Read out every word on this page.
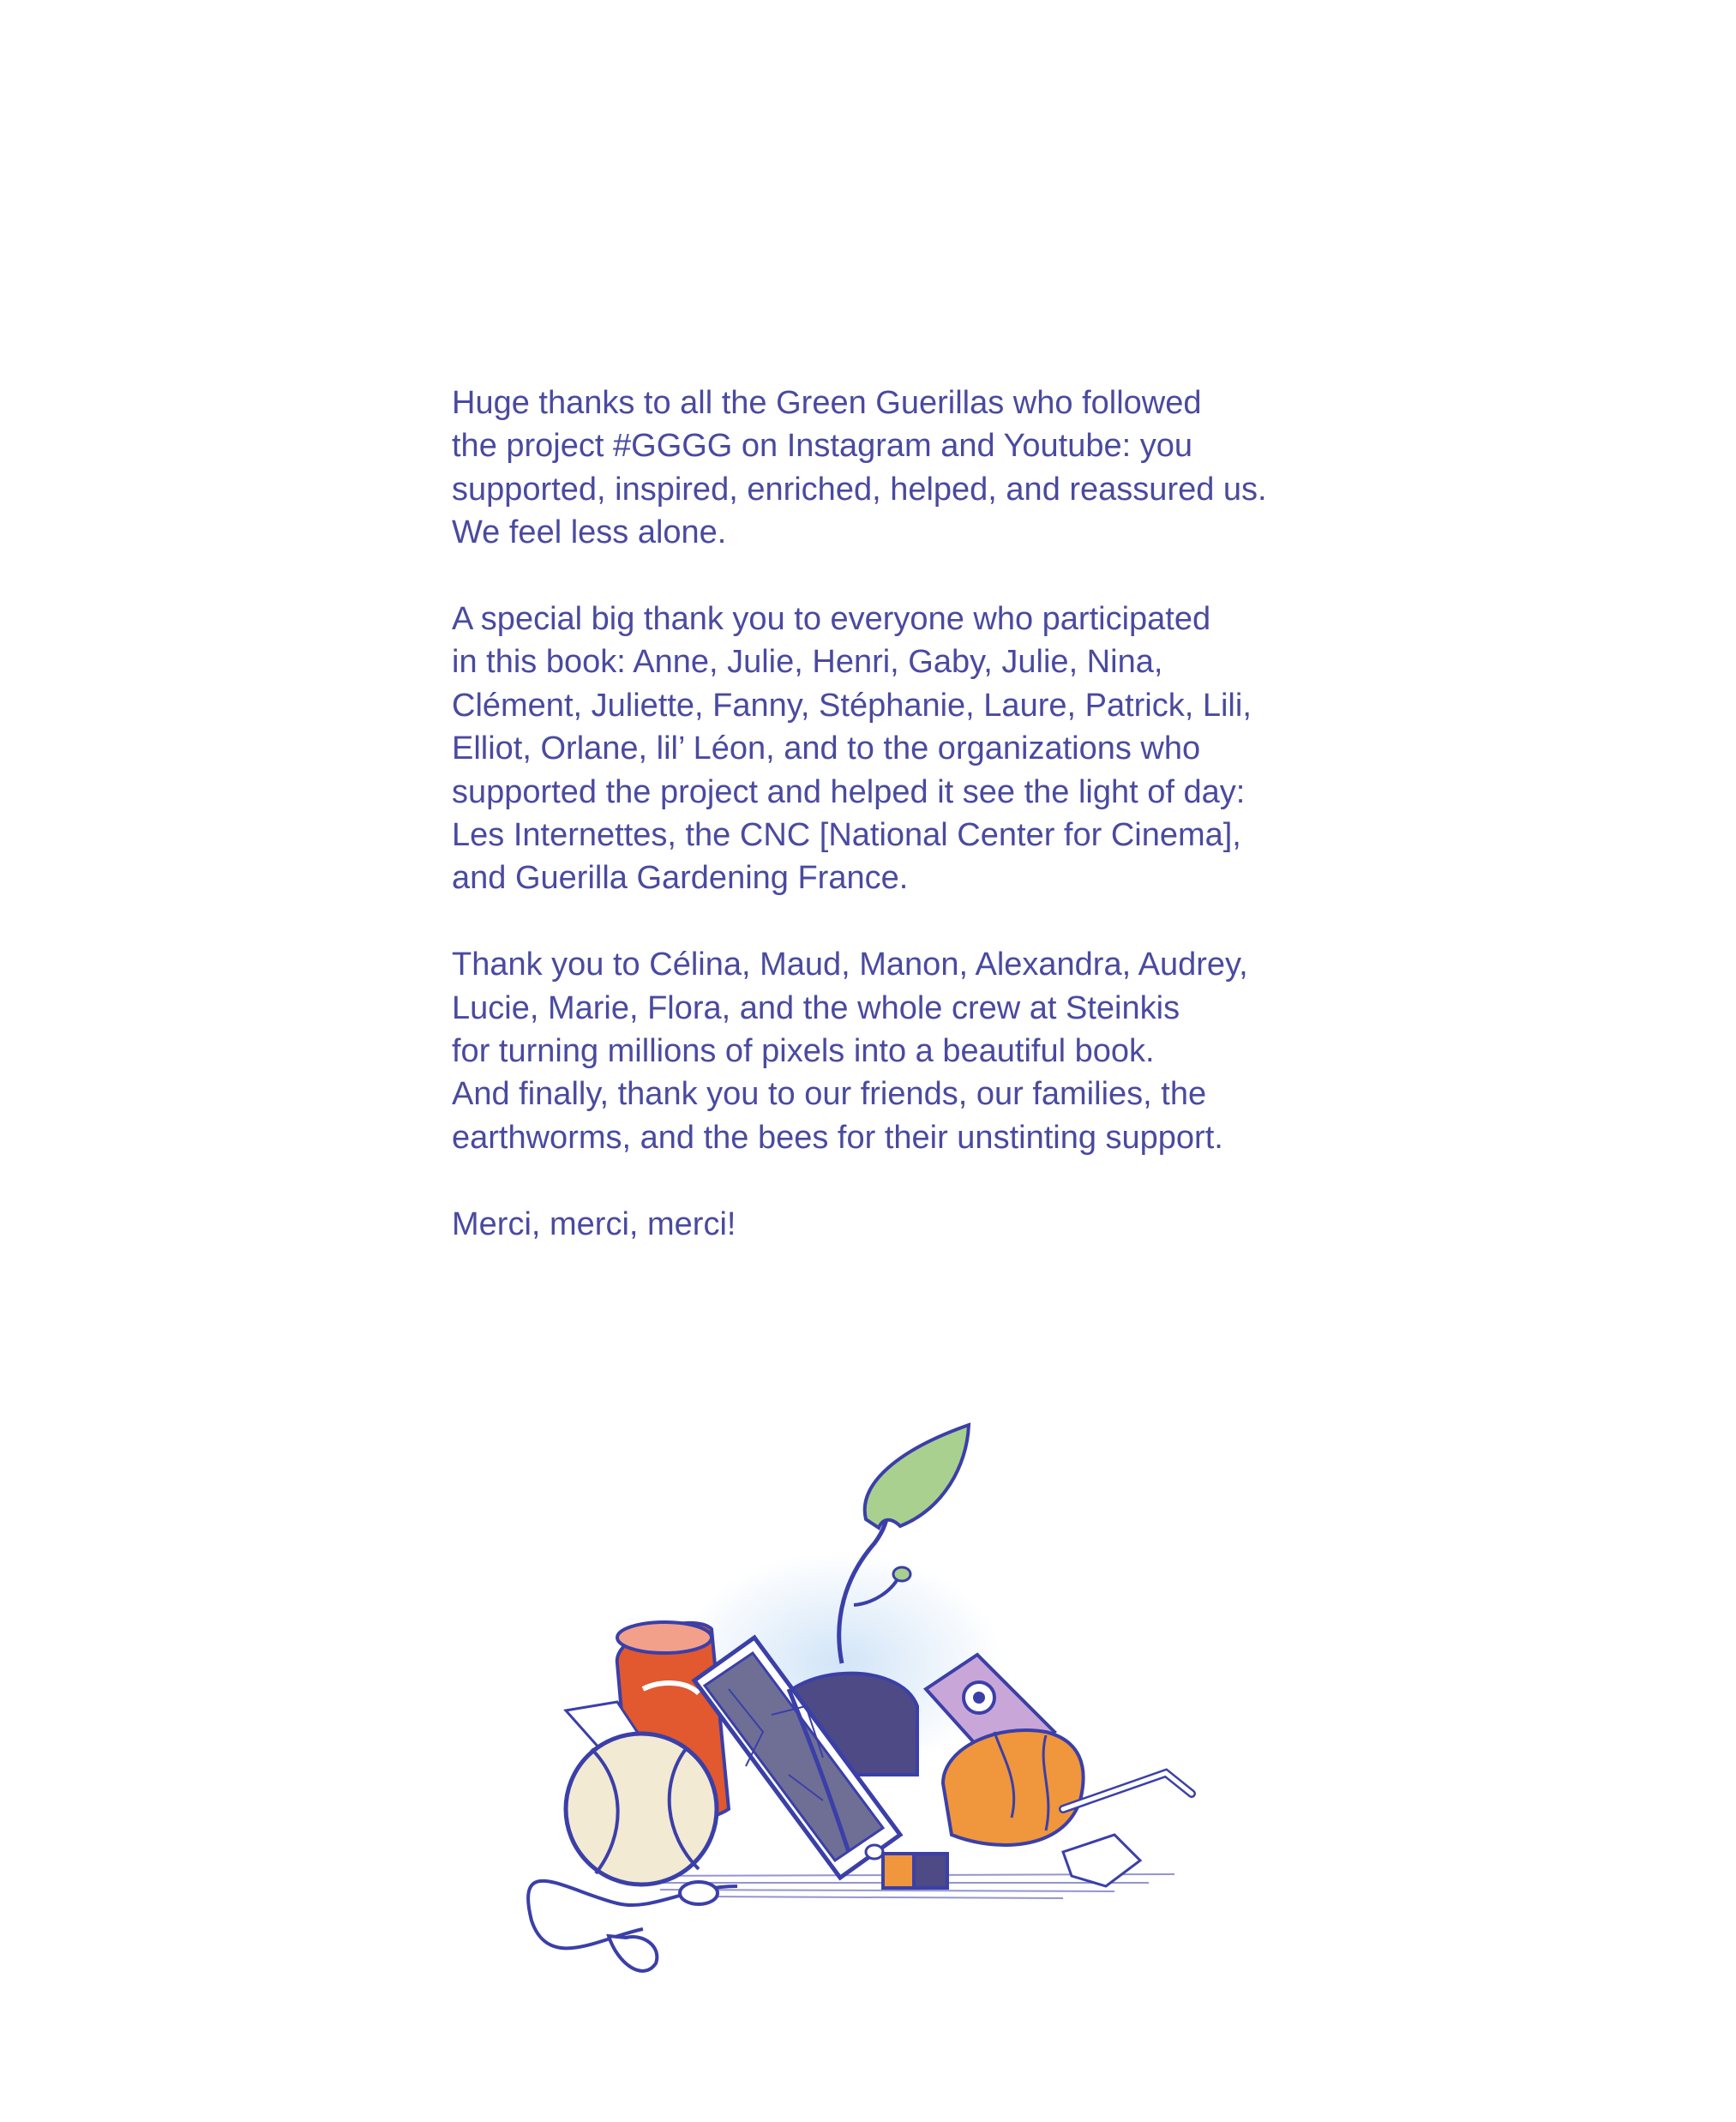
Huge thanks to all the Green Guerillas who followed
the project #GGGG on Instagram and Youtube: you
supported, inspired, enriched, helped, and reassured us.
We feel less alone.

A special big thank you to everyone who participated
in this book: Anne, Julie, Henri, Gaby, Julie, Nina,
Clément, Juliette, Fanny, Stéphanie, Laure, Patrick, Lili,
Elliot, Orlane, lil’ Léon, and to the organizations who
supported the project and helped it see the light of day:
Les Internettes, the CNC [National Center for Cinema],
and Guerilla Gardening France.

Thank you to Célina, Maud, Manon, Alexandra, Audrey,
Lucie, Marie, Flora, and the whole crew at Steinkis
for turning millions of pixels into a beautiful book.
And finally, thank you to our friends, our families, the
earthworms, and the bees for their unstinting support.

Merci, merci, merci!
